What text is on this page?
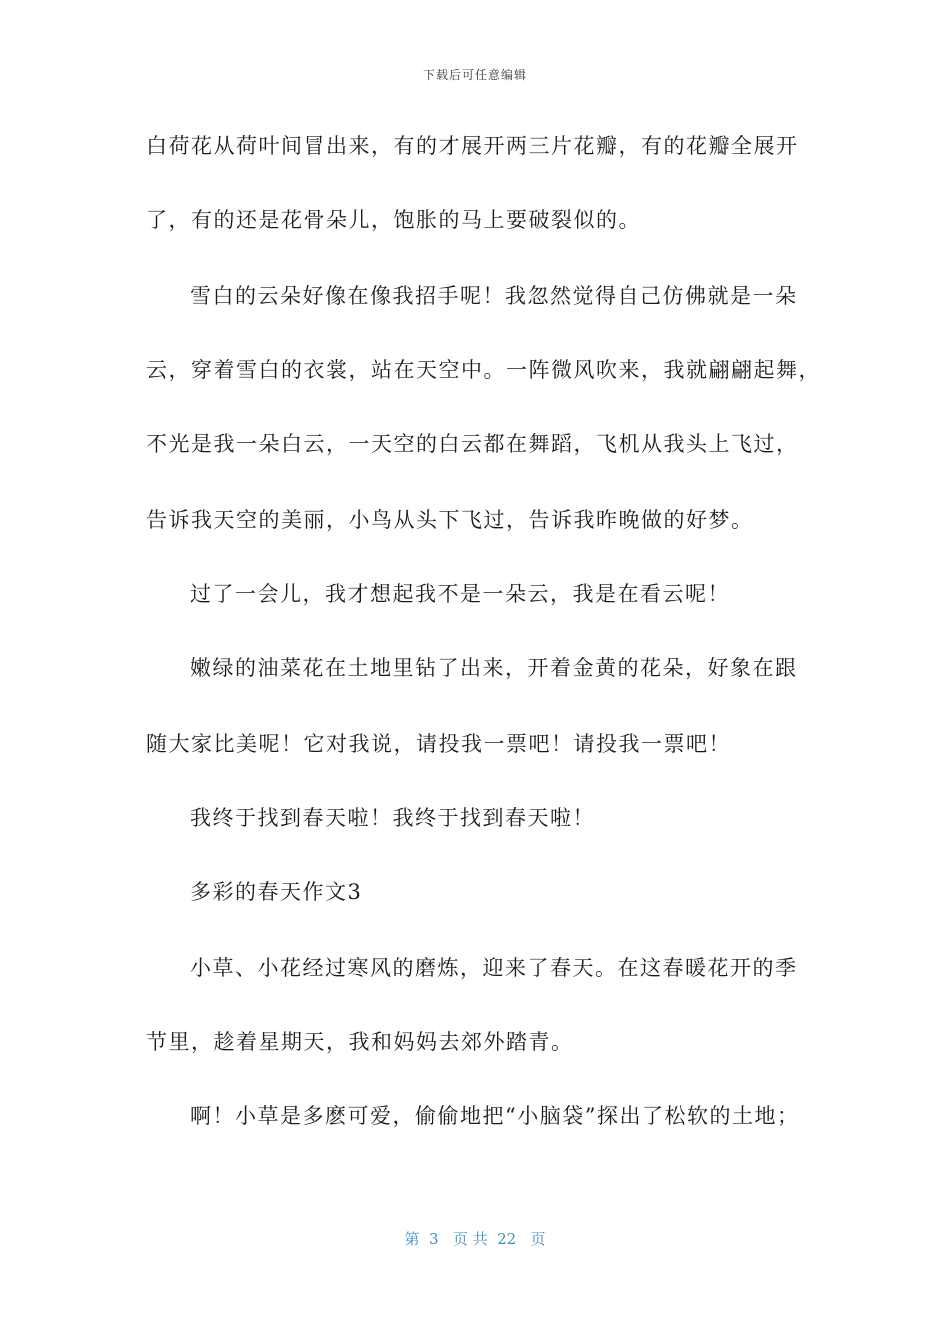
下载后可任意编辑
白荷花从荷叶间冒出来，有的才展开两三片花瓣，有的花瓣全展开
了，有的还是花骨朵儿，饱胀的马上要破裂似的。
雪白的云朵好像在像我招手呢！我忽然觉得自己仿佛就是一朵
云，穿着雪白的衣裳，站在天空中。一阵微风吹来，我就翩翩起舞，
不光是我一朵白云，一天空的白云都在舞蹈，飞机从我头上飞过，
告诉我天空的美丽，小鸟从头下飞过，告诉我昨晚做的好梦。
过了一会儿，我才想起我不是一朵云，我是在看云呢！
嫩绿的油菜花在土地里钻了出来，开着金黄的花朵，好象在跟
随大家比美呢！它对我说，请投我一票吧！请投我一票吧！
我终于找到春天啦！我终于找到春天啦！
多彩的春天作文3
小草、小花经过寒风的磨炼，迎来了春天。在这春暖花开的季
节里，趁着星期天，我和妈妈去郊外踏青。
啊！小草是多麽可爱，偷偷地把“小脑袋”探出了松软的土地；
第  3   页 共  22   页
